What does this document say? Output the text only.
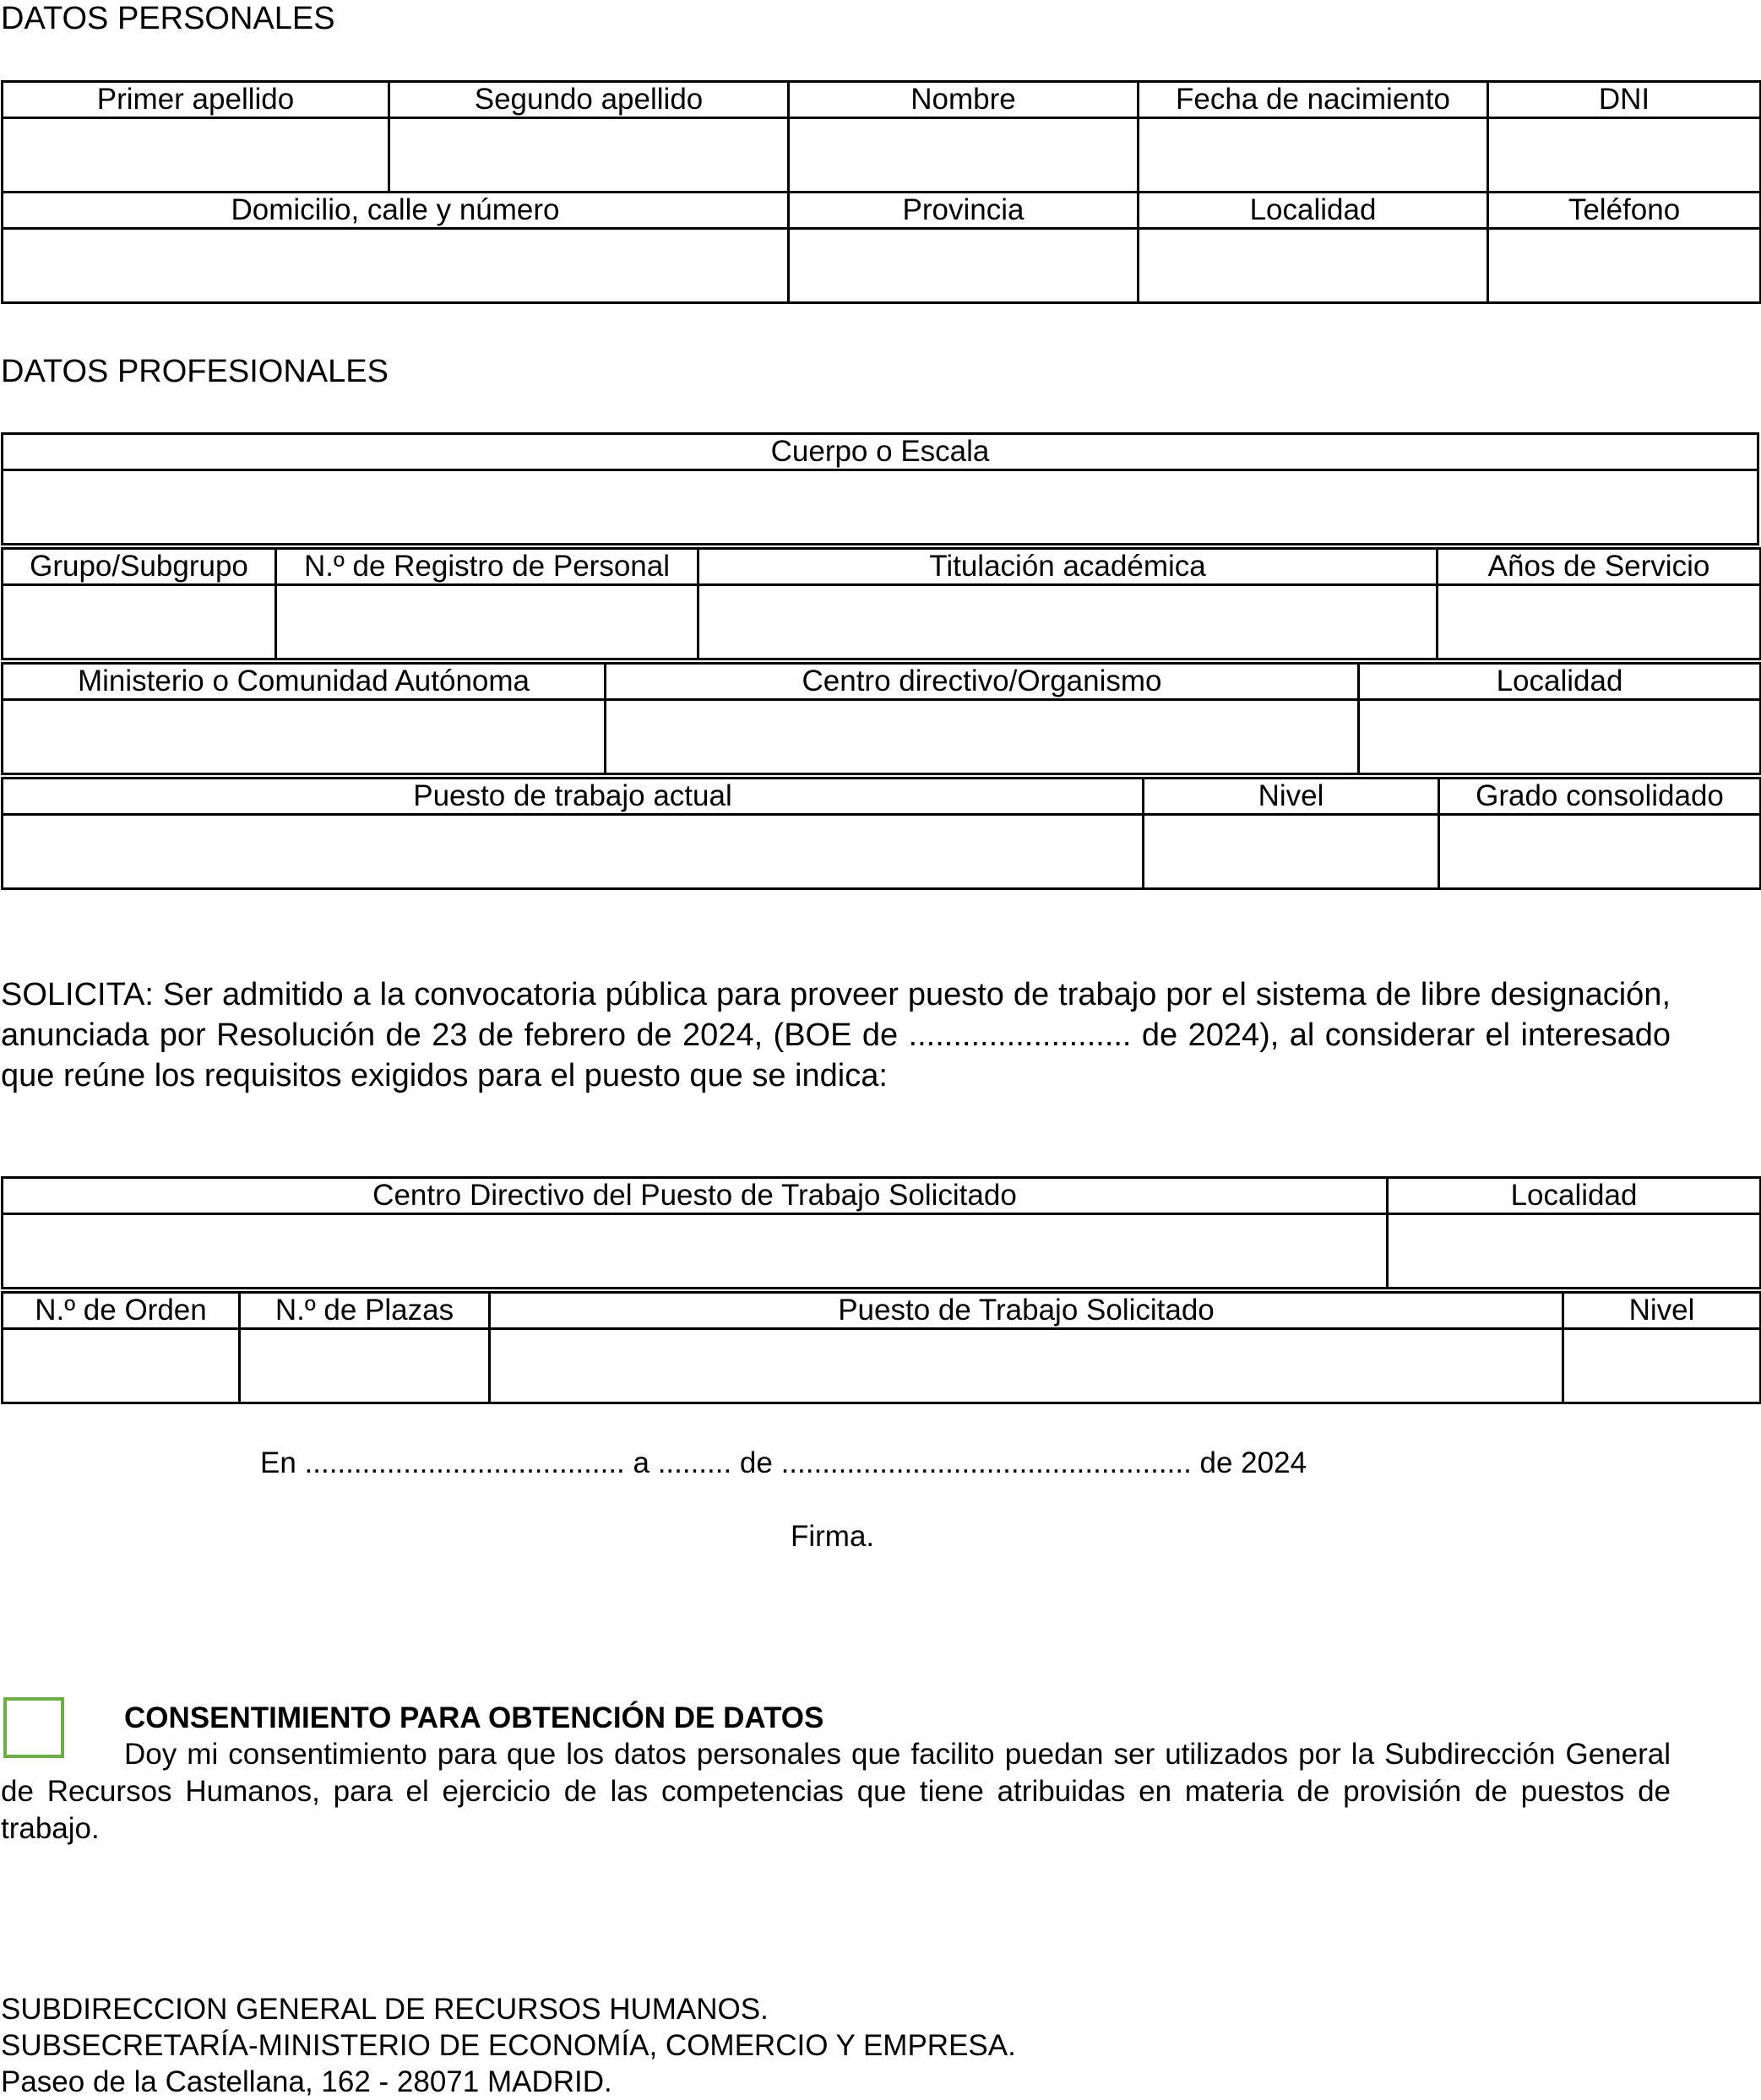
DATOS PERSONALES
Primer apellido	Segundo apellido	Nombre	Fecha de nacimiento	DNI

Domicilio, calle y número		Provincia	Localidad	Teléfono

DATOS PROFESIONALES
Cuerpo o Escala

Grupo/Subgrupo	N.º de Registro de Personal	Titulación académica	Años de Servicio

Ministerio o Comunidad Autónoma	Centro directivo/Organismo	Localidad

Puesto de trabajo actual	Nivel	Grado consolidado

SOLICITA: Ser admitido a la convocatoria pública para proveer puesto de trabajo por el sistema de libre designación, anunciada por Resolución de 23 de febrero de 2024, (BOE de ......................... de 2024), al considerar el interesado que reúne los requisitos exigidos para el puesto que se indica:
Centro Directivo del Puesto de Trabajo Solicitado	Localidad

N.º de Orden	N.º de Plazas	Puesto de Trabajo Solicitado	Nivel

En ....................................... a ......... de .................................................. de 2024
Firma.
CONSENTIMIENTO PARA OBTENCIÓN DE DATOS
Doy mi consentimiento para que los datos personales que facilito puedan ser utilizados por la Subdirección General de Recursos Humanos, para el ejercicio de las competencias que tiene atribuidas en materia de provisión de puestos de trabajo.
SUBDIRECCION GENERAL DE RECURSOS HUMANOS.
SUBSECRETARÍA-MINISTERIO DE ECONOMÍA, COMERCIO Y EMPRESA.
Paseo de la Castellana, 162 - 28071 MADRID.
